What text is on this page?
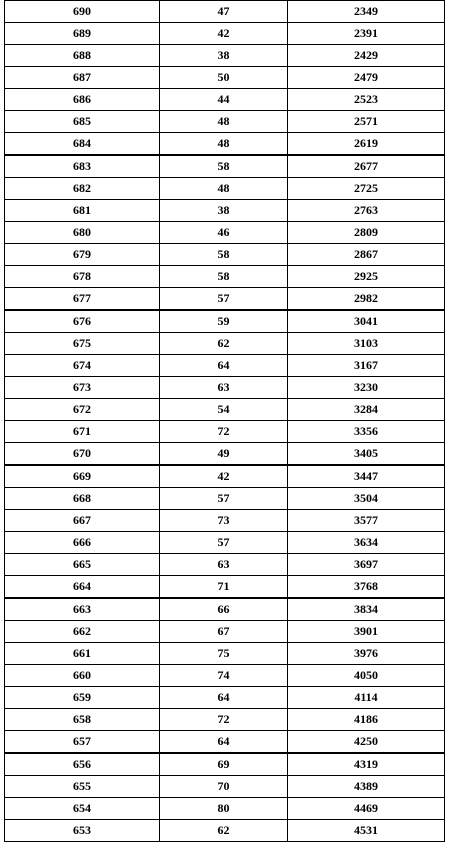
690	47	2349
689	42	2391
688	38	2429
687	50	2479
686	44	2523
685	48	2571
684	48	2619
683	58	2677
682	48	2725
681	38	2763
680	46	2809
679	58	2867
678	58	2925
677	57	2982
676	59	3041
675	62	3103
674	64	3167
673	63	3230
672	54	3284
671	72	3356
670	49	3405
669	42	3447
668	57	3504
667	73	3577
666	57	3634
665	63	3697
664	71	3768
663	66	3834
662	67	3901
661	75	3976
660	74	4050
659	64	4114
658	72	4186
657	64	4250
656	69	4319
655	70	4389
654	80	4469
653	62	4531
